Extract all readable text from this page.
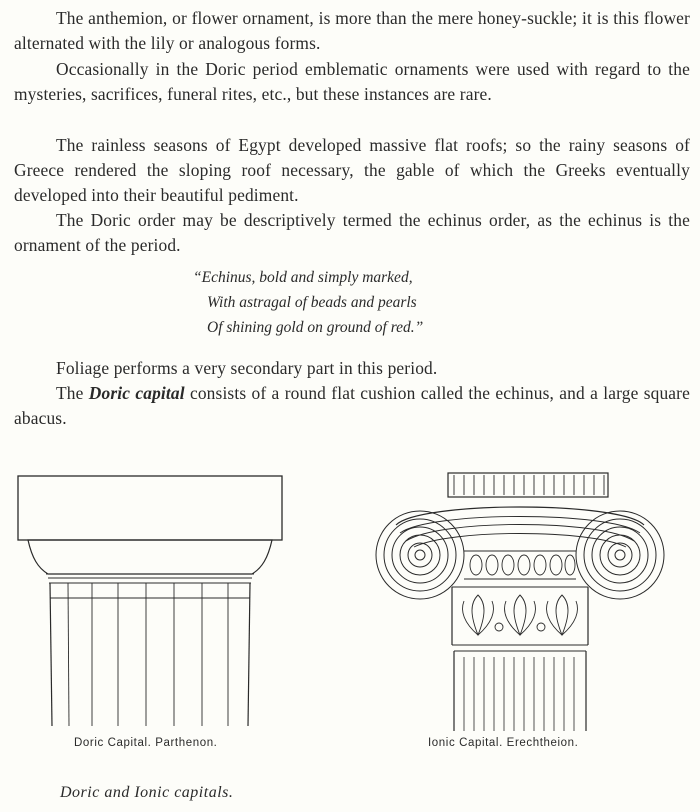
The anthemion, or flower ornament, is more than the mere honey-suckle; it is this flower alternated with the lily or analogous forms.

Occasionally in the Doric period emblematic ornaments were used with regard to the mysteries, sacrifices, funeral rites, etc., but these instances are rare.

The rainless seasons of Egypt developed massive flat roofs; so the rainy seasons of Greece rendered the sloping roof necessary, the gable of which the Greeks eventually developed into their beautiful pediment.

The Doric order may be descriptively termed the echinus order, as the echinus is the ornament of the period.

“Echinus, bold and simply marked,
With astragal of beads and pearls
Of shining gold on ground of red.”

Foliage performs a very secondary part in this period.

The Doric capital consists of a round flat cushion called the echinus, and a large square abacus.

Doric Capital. Parthenon.	Ionic Capital. Erechtheion.
Doric and Ionic capitals.
